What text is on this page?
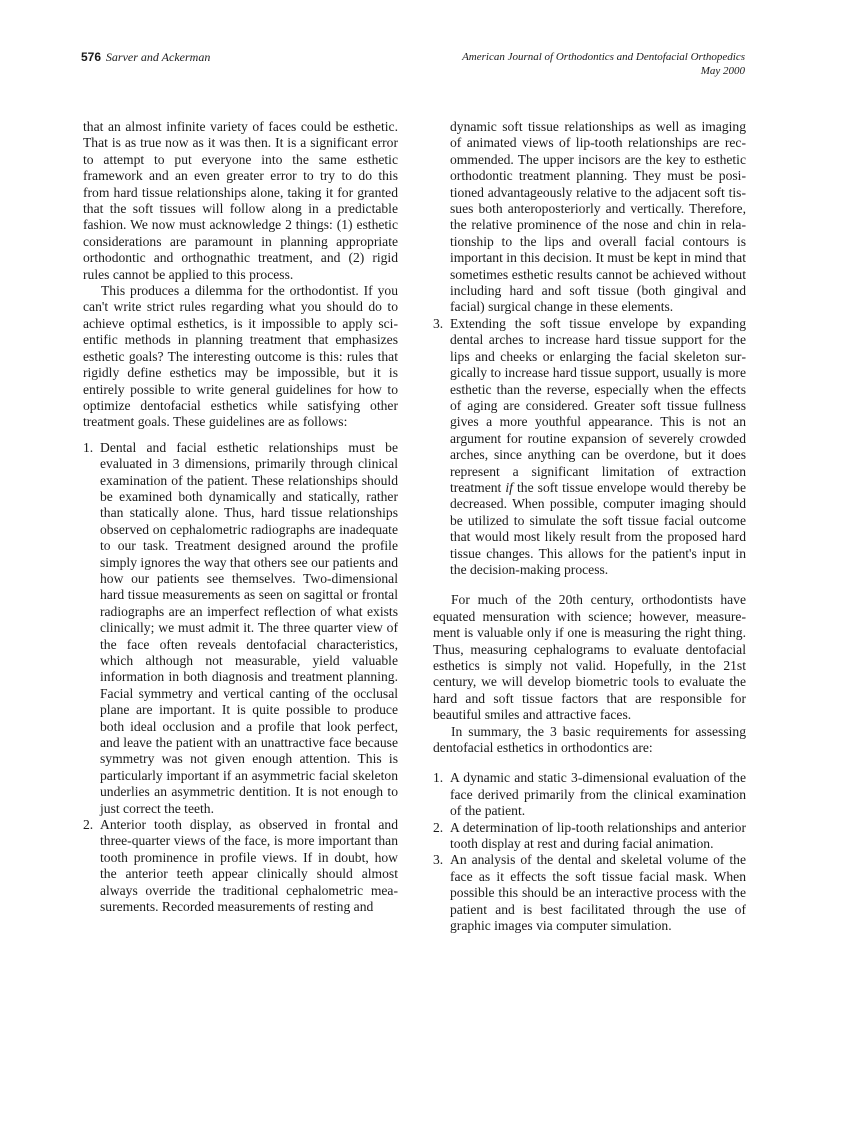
576 Sarver and Ackerman	American Journal of Orthodontics and Dentofacial Orthopedics
May 2000

that an almost infinite variety of faces could be esthetic. That is as true now as it was then. It is a significant error to attempt to put everyone into the same esthetic framework and an even greater error to try to do this from hard tissue relationships alone, taking it for granted that the soft tissues will follow along in a predictable fashion. We now must acknowledge 2 things: (1) esthetic considerations are paramount in planning appropriate orthodontic and orthognathic treatment, and (2) rigid rules cannot be applied to this process.

This produces a dilemma for the orthodontist. If you can't write strict rules regarding what you should do to achieve optimal esthetics, is it impossible to apply scientific methods in planning treatment that emphasizes esthetic goals? The interesting outcome is this: rules that rigidly define esthetics may be impossible, but it is entirely possible to write general guidelines for how to optimize dentofacial esthetics while satisfying other treatment goals. These guidelines are as follows:

1. Dental and facial esthetic relationships must be evaluated in 3 dimensions, primarily through clinical examination of the patient. These relationships should be examined both dynamically and statically, rather than statically alone. Thus, hard tissue relationships observed on cephalometric radiographs are inadequate to our task. Treatment designed around the profile simply ignores the way that others see our patients and how our patients see themselves. Two-dimensional hard tissue measurements as seen on sagittal or frontal radiographs are an imperfect reflection of what exists clinically; we must admit it. The three quarter view of the face often reveals dentofacial characteristics, which although not measurable, yield valuable information in both diagnosis and treatment planning. Facial symmetry and vertical canting of the occlusal plane are important. It is quite possible to produce both ideal occlusion and a profile that look perfect, and leave the patient with an unattractive face because symmetry was not given enough attention. This is particularly important if an asymmetric facial skeleton underlies an asymmetric dentition. It is not enough to just correct the teeth.
2. Anterior tooth display, as observed in frontal and three-quarter views of the face, is more important than tooth prominence in profile views. If in doubt, how the anterior teeth appear clinically should almost always override the traditional cephalometric measurements. Recorded measurements of resting and
dynamic soft tissue relationships as well as imaging of animated views of lip-tooth relationships are recommended. The upper incisors are the key to esthetic orthodontic treatment planning. They must be positioned advantageously relative to the adjacent soft tissues both anteroposteriorly and vertically. Therefore, the relative prominence of the nose and chin in relationship to the lips and overall facial contours is important in this decision. It must be kept in mind that sometimes esthetic results cannot be achieved without including hard and soft tissue (both gingival and facial) surgical change in these elements.
3. Extending the soft tissue envelope by expanding dental arches to increase hard tissue support for the lips and cheeks or enlarging the facial skeleton surgically to increase hard tissue support, usually is more esthetic than the reverse, especially when the effects of aging are considered. Greater soft tissue fullness gives a more youthful appearance. This is not an argument for routine expansion of severely crowded arches, since anything can be overdone, but it does represent a significant limitation of extraction treatment if the soft tissue envelope would thereby be decreased. When possible, computer imaging should be utilized to simulate the soft tissue facial outcome that would most likely result from the proposed hard tissue changes. This allows for the patient's input in the decision-making process.

For much of the 20th century, orthodontists have equated mensuration with science; however, measurement is valuable only if one is measuring the right thing. Thus, measuring cephalograms to evaluate dentofacial esthetics is simply not valid. Hopefully, in the 21st century, we will develop biometric tools to evaluate the hard and soft tissue factors that are responsible for beautiful smiles and attractive faces.

In summary, the 3 basic requirements for assessing dentofacial esthetics in orthodontics are:

1. A dynamic and static 3-dimensional evaluation of the face derived primarily from the clinical examination of the patient.
2. A determination of lip-tooth relationships and anterior tooth display at rest and during facial animation.
3. An analysis of the dental and skeletal volume of the face as it effects the soft tissue facial mask. When possible this should be an interactive process with the patient and is best facilitated through the use of graphic images via computer simulation.
